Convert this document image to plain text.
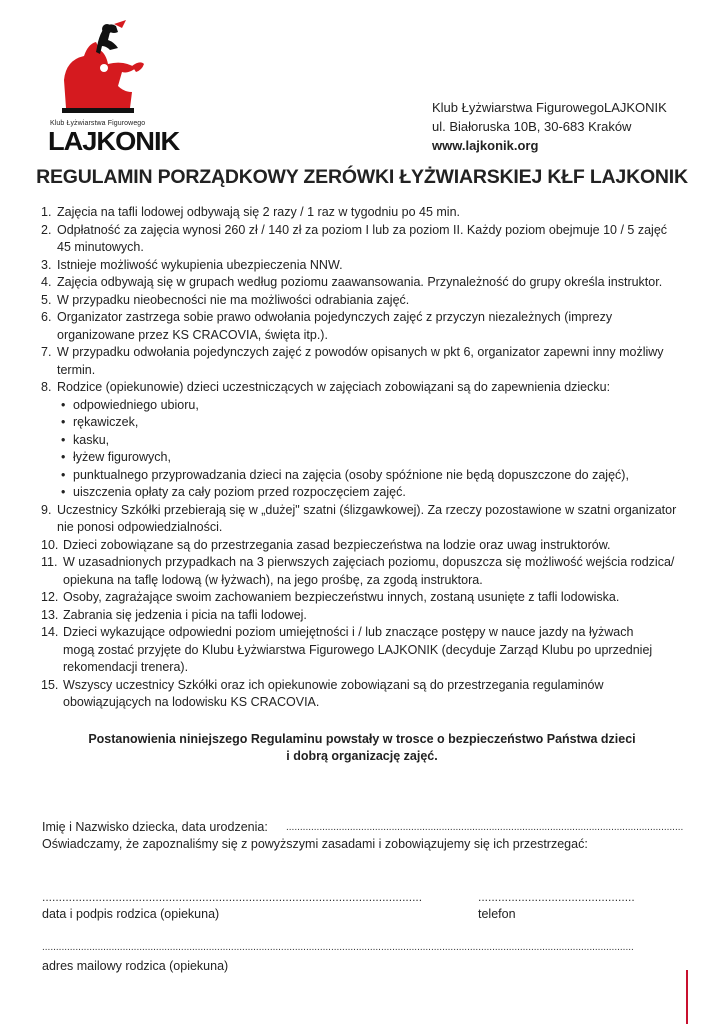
Klub Łyżwiarstwa Figurowego
LAJKONIK
Klub Łyżwiarstwa FigurowegoLAJKONIK
ul. Białoruska 10B, 30-683 Kraków
www.lajkonik.org
REGULAMIN PORZĄDKOWY ZERÓWKI ŁYŻWIARSKIEJ KŁF LAJKONIK
1. Zajęcia na tafli lodowej odbywają się 2 razy / 1 raz w tygodniu po 45 min.
2. Odpłatność za zajęcia wynosi 260 zł / 140 zł za poziom I lub za poziom II. Każdy poziom obejmuje 10 / 5 zajęć
45 minutowych.
3. Istnieje możliwość wykupienia ubezpieczenia NNW.
4. Zajęcia odbywają się w grupach według poziomu zaawansowania. Przynależność do grupy określa instruktor.
5. W przypadku nieobecności nie ma możliwości odrabiania zajęć.
6. Organizator zastrzega sobie prawo odwołania pojedynczych zajęć z przyczyn niezależnych (imprezy
organizowane przez KS CRACOVIA, święta itp.).
7. W przypadku odwołania pojedynczych zajęć z powodów opisanych w pkt 6, organizator zapewni inny możliwy
termin.
8. Rodzice (opiekunowie) dzieci uczestniczących w zajęciach zobowiązani są do zapewnienia dziecku:
• odpowiedniego ubioru,
• rękawiczek,
• kasku,
• łyżew figurowych,
• punktualnego przyprowadzania dzieci na zajęcia (osoby spóźnione nie będą dopuszczone do zajęć),
• uiszczenia opłaty za cały poziom przed rozpoczęciem zajęć.
9. Uczestnicy Szkółki przebierają się w „dużej" szatni (ślizgawkowej). Za rzeczy pozostawione w szatni organizator
nie ponosi odpowiedzialności.
10. Dzieci zobowiązane są do przestrzegania zasad bezpieczeństwa na lodzie oraz uwag instruktorów.
11. W uzasadnionych przypadkach na 3 pierwszych zajęciach poziomu, dopuszcza się możliwość wejścia rodzica/
opiekuna na taflę lodową (w łyżwach), na jego prośbę, za zgodą instruktora.
12. Osoby, zagrażające swoim zachowaniem bezpieczeństwu innych, zostaną usunięte z tafli lodowiska.
13. Zabrania się jedzenia i picia na tafli lodowej.
14. Dzieci wykazujące odpowiedni poziom umiejętności i / lub znaczące postępy w nauce jazdy na łyżwach
mogą zostać przyjęte do Klubu Łyżwiarstwa Figurowego LAJKONIK (decyduje Zarząd Klubu po uprzedniej
rekomendacji trenera).
15. Wszyscy uczestnicy Szkółki oraz ich opiekunowie zobowiązani są do przestrzegania regulaminów
obowiązujących na lodowisku KS CRACOVIA.
Postanowienia niniejszego Regulaminu powstały w trosce o bezpieczeństwo Państwa dzieci
i dobrą organizację zajęć.
Imię i Nazwisko dziecka, data urodzenia: ...............................................................................................................................................
Oświadczamy, że zapoznaliśmy się z powyższymi zasadami i zobowiązujemy się ich przestrzegać:
..................................................................................................................
data i podpis rodzica (opiekuna)
...............................................
telefon
.....................................................................................................................................................................................................................
adres mailowy rodzica (opiekuna)
